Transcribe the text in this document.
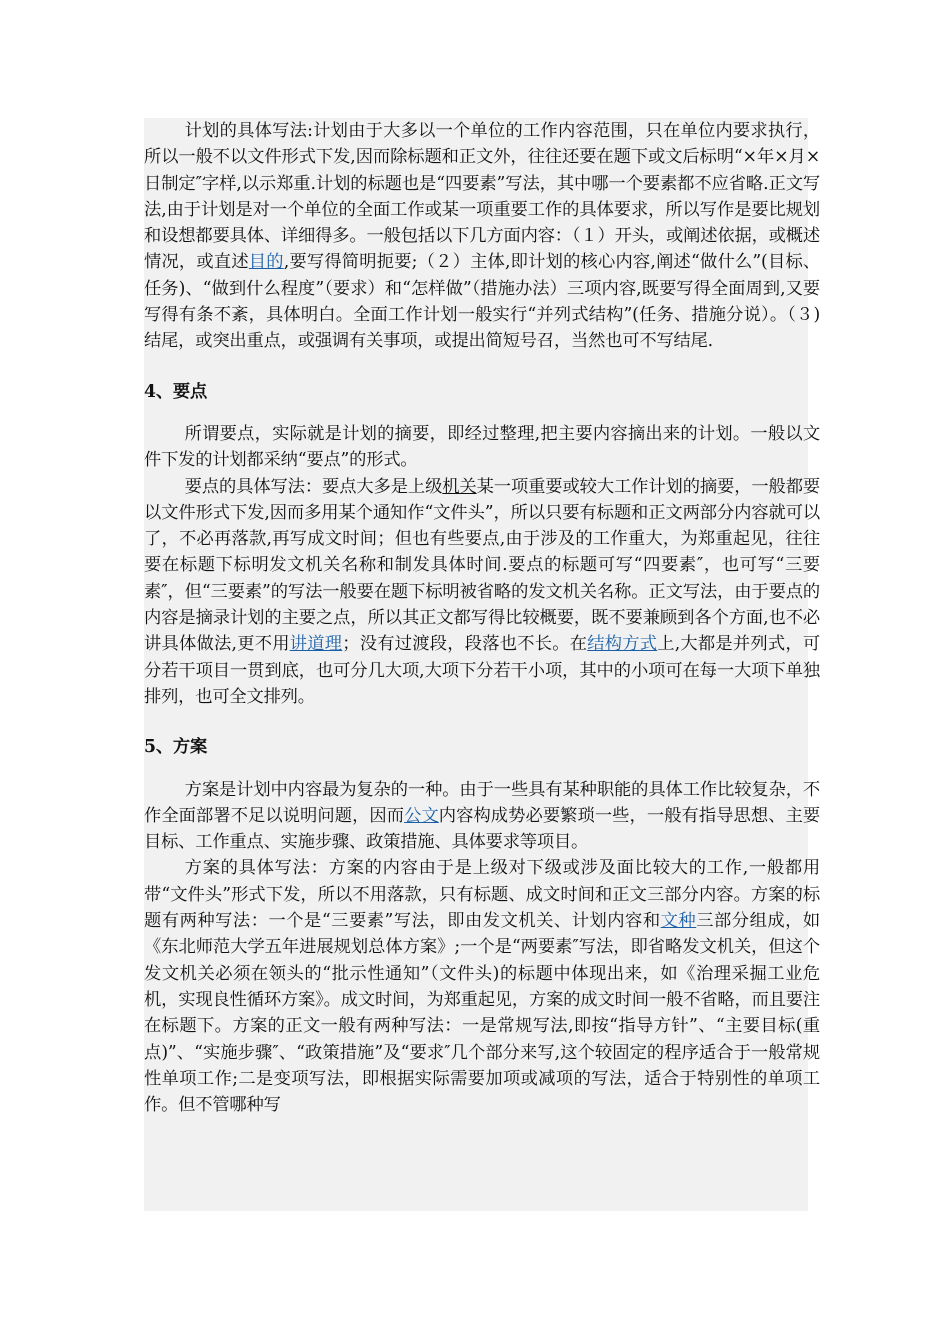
计划的具体写法:计划由于大多以一个单位的工作内容范围，只在单位内要求执行，所以一般不以文件形式下发,因而除标题和正文外，往往还要在题下或文后标明“×年×月×日制定″字样,以示郑重.计划的标题也是“四要素”写法，其中哪一个要素都不应省略.正文写法,由于计划是对一个单位的全面工作或某一项重要工作的具体要求，所以写作是要比规划和设想都要具体、详细得多。一般包括以下几方面内容：（１）开头，或阐述依据，或概述情况，或直述目的,要写得简明扼要;（２）主体,即计划的核心内容,阐述“做什么”(目标、任务)、“做到什么程度”（要求）和“怎样做”（措施办法）三项内容,既要写得全面周到,又要写得有条不紊，具体明白。全面工作计划一般实行“并列式结构”(任务、措施分说）。（３)结尾，或突出重点，或强调有关事项，或提出简短号召，当然也可不写结尾.

4、要点

所谓要点，实际就是计划的摘要，即经过整理,把主要内容摘出来的计划。一般以文件下发的计划都采纳“要点”的形式。

要点的具体写法：要点大多是上级机关某一项重要或较大工作计划的摘要，一般都要以文件形式下发,因而多用某个通知作“文件头”，所以只要有标题和正文两部分内容就可以了，不必再落款,再写成文时间；但也有些要点,由于涉及的工作重大，为郑重起见，往往要在标题下标明发文机关名称和制发具体时间.要点的标题可写“四要素″，也可写“三要素″，但“三要素”的写法一般要在题下标明被省略的发文机关名称。正文写法，由于要点的内容是摘录计划的主要之点，所以其正文都写得比较概要，既不要兼顾到各个方面,也不必讲具体做法,更不用讲道理；没有过渡段，段落也不长。在结构方式上,大都是并列式，可分若干项目一贯到底，也可分几大项,大项下分若干小项，其中的小项可在每一大项下单独排列，也可全文排列。

5、方案

方案是计划中内容最为复杂的一种。由于一些具有某种职能的具体工作比较复杂，不作全面部署不足以说明问题，因而公文内容构成势必要繁琐一些，一般有指导思想、主要目标、工作重点、实施步骤、政策措施、具体要求等项目。

方案的具体写法：方案的内容由于是上级对下级或涉及面比较大的工作,一般都用带“文件头”形式下发，所以不用落款，只有标题、成文时间和正文三部分内容。方案的标题有两种写法：一个是“三要素”写法，即由发文机关、计划内容和文种三部分组成，如《东北师范大学五年进展规划总体方案》;一个是“两要素″写法，即省略发文机关，但这个发文机关必须在领头的“批示性通知”（文件头)的标题中体现出来，如《治理采掘工业危机，实现良性循环方案》。成文时间，为郑重起见，方案的成文时间一般不省略，而且要注在标题下。方案的正文一般有两种写法：一是常规写法,即按“指导方针”、“主要目标(重点)”、“实施步骤″、“政策措施”及“要求″几个部分来写,这个较固定的程序适合于一般常规性单项工作;二是变项写法，即根据实际需要加项或减项的写法，适合于特别性的单项工作。但不管哪种写
